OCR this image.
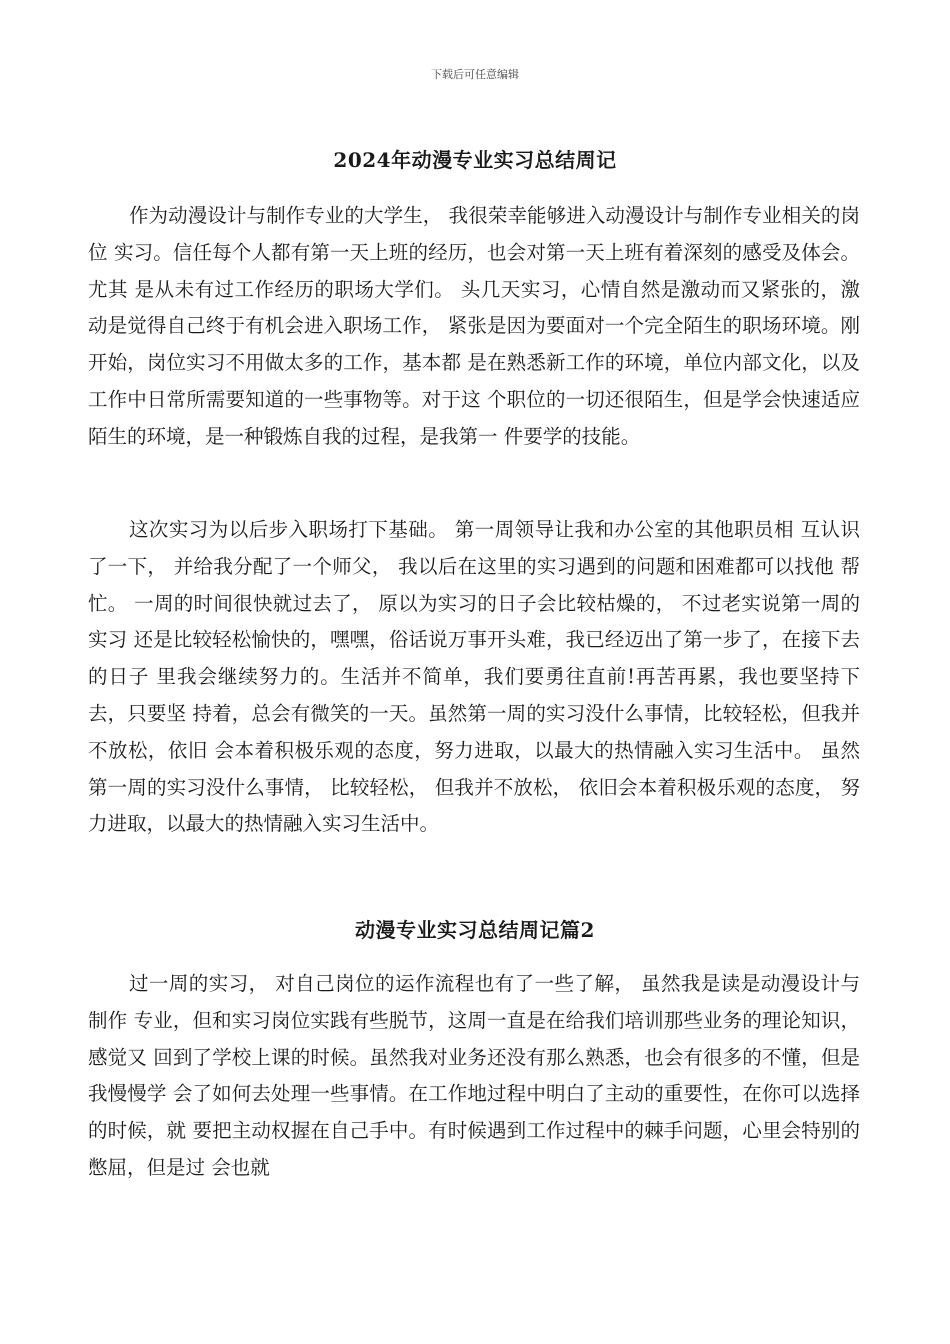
下载后可任意编辑
2024年动漫专业实习总结周记

作为动漫设计与制作专业的大学生， 我很荣幸能够进入动漫设计与制作专业相关的岗位 实习。信任每个人都有第一天上班的经历，也会对第一天上班有着深刻的感受及体会。尤其 是从未有过工作经历的职场大学们。 头几天实习，心情自然是激动而又紧张的，激动是觉得自己终于有机会进入职场工作， 紧张是因为要面对一个完全陌生的职场环境。刚开始，岗位实习不用做太多的工作，基本都 是在熟悉新工作的环境，单位内部文化，以及工作中日常所需要知道的一些事物等。对于这 个职位的一切还很陌生，但是学会快速适应陌生的环境，是一种锻炼自我的过程，是我第一 件要学的技能。

这次实习为以后步入职场打下基础。 第一周领导让我和办公室的其他职员相 互认识了一下， 并给我分配了一个师父， 我以后在这里的实习遇到的问题和困难都可以找他 帮忙。 一周的时间很快就过去了， 原以为实习的日子会比较枯燥的， 不过老实说第一周的实习 还是比较轻松愉快的，嘿嘿，俗话说万事开头难，我已经迈出了第一步了，在接下去的日子 里我会继续努力的。生活并不简单，我们要勇往直前!再苦再累，我也要坚持下去，只要坚 持着，总会有微笑的一天。虽然第一周的实习没什么事情，比较轻松，但我并不放松，依旧 会本着积极乐观的态度，努力进取，以最大的热情融入实习生活中。 虽然第一周的实习没什么事情， 比较轻松， 但我并不放松， 依旧会本着积极乐观的态度， 努力进取，以最大的热情融入实习生活中。

动漫专业实习总结周记篇2

过一周的实习， 对自己岗位的运作流程也有了一些了解， 虽然我是读是动漫设计与制作 专业，但和实习岗位实践有些脱节，这周一直是在给我们培训那些业务的理论知识，感觉又 回到了学校上课的时候。虽然我对业务还没有那么熟悉，也会有很多的不懂，但是我慢慢学 会了如何去处理一些事情。在工作地过程中明白了主动的重要性，在你可以选择的时候，就 要把主动权握在自己手中。有时候遇到工作过程中的棘手问题，心里会特别的憋屈，但是过 会也就
